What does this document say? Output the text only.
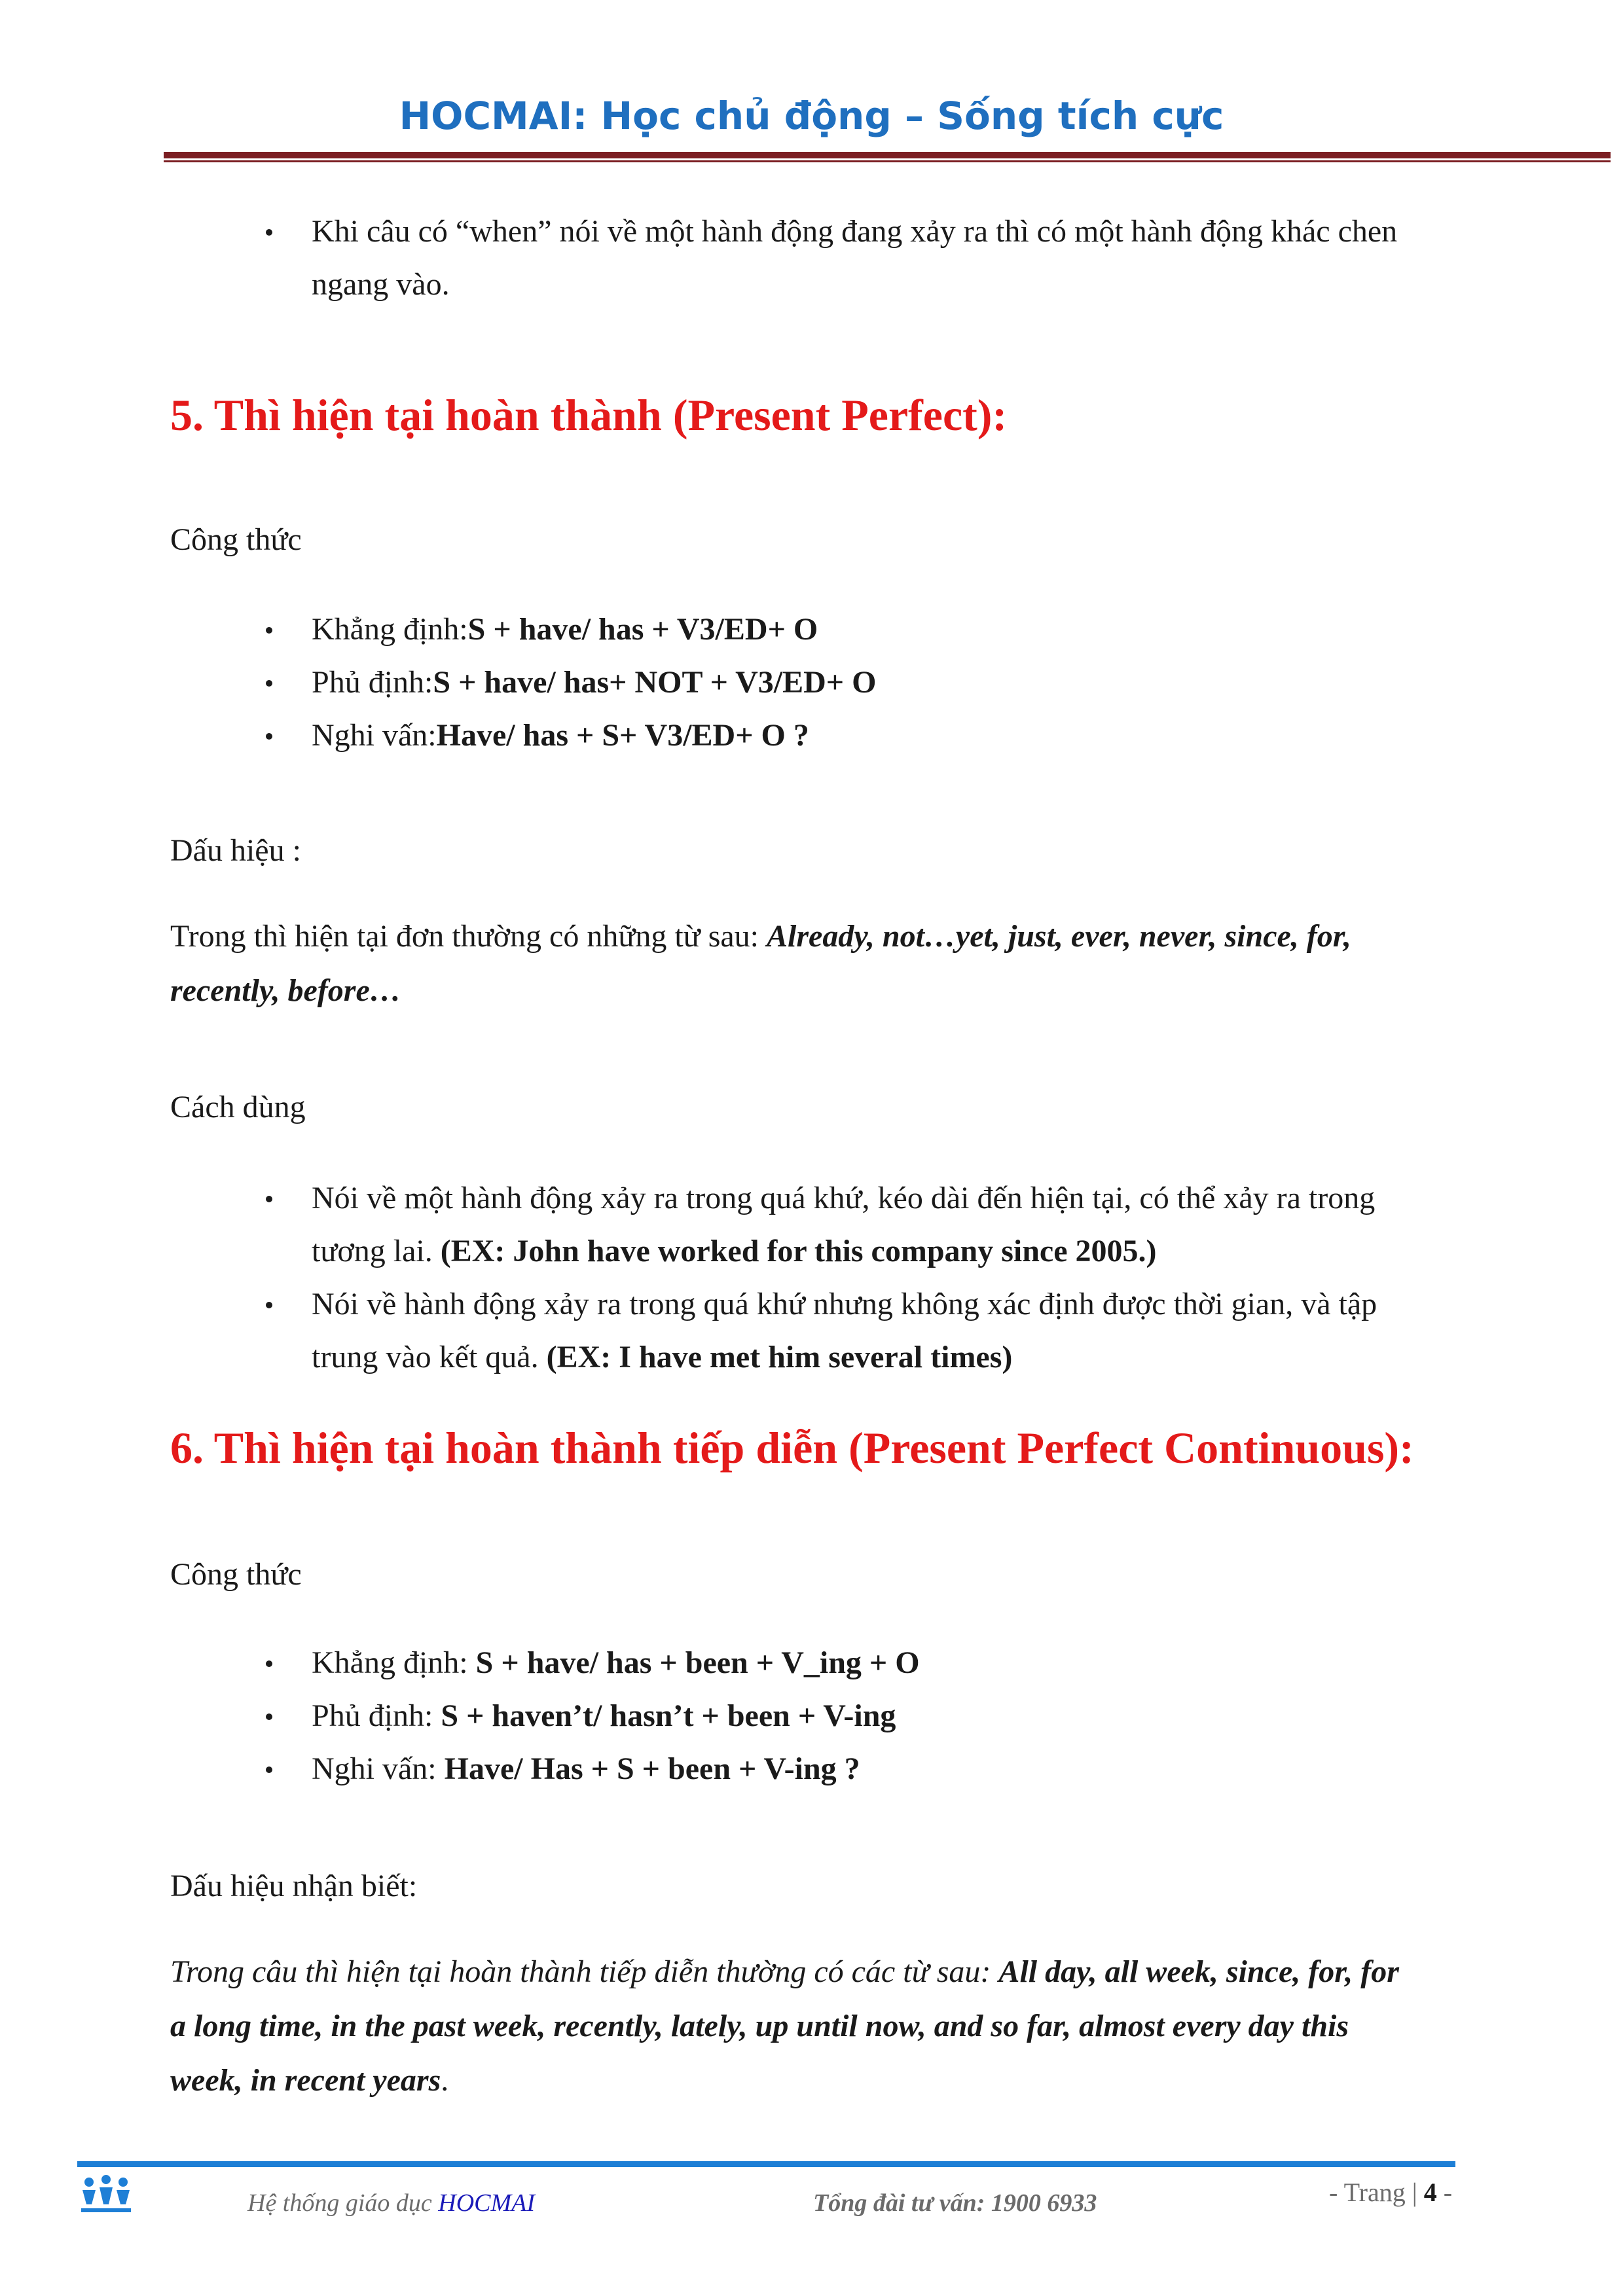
HOCMAI: Học chủ động – Sống tích cực
Khi câu có “when” nói về một hành động đang xảy ra thì có một hành động khác chen
ngang vào.
5. Thì hiện tại hoàn thành (Present Perfect):

Công thức

Khẳng định:S + have/ has + V3/ED+ O
Phủ định:S + have/ has+ NOT + V3/ED+ O
Nghi vấn:Have/ has + S+ V3/ED+ O ?

Dấu hiệu :

Trong thì hiện tại đơn thường có những từ sau: Already, not…yet, just, ever, never, since, for,
recently, before…

Cách dùng

Nói về một hành động xảy ra trong quá khứ, kéo dài đến hiện tại, có thể xảy ra trong
tương lai. (EX: John have worked for this company since 2005.)
Nói về hành động xảy ra trong quá khứ nhưng không xác định được thời gian, và tập
trung vào kết quả. (EX: I have met him several times)
6. Thì hiện tại hoàn thành tiếp diễn (Present Perfect Continuous):

Công thức

Khẳng định: S + have/ has + been + V_ing + O
Phủ định: S + haven’t/ hasn’t + been + V-ing
Nghi vấn: Have/ Has + S + been + V-ing ?

Dấu hiệu nhận biết:

Trong câu thì hiện tại hoàn thành tiếp diễn thường có các từ sau: All day, all week, since, for, for
a long time, in the past week, recently, lately, up until now, and so far, almost every day this
week, in recent years.

Hệ thống giáo dục HOCMAI	Tổng đài tư vấn: 1900 6933	- Trang | 4 -
